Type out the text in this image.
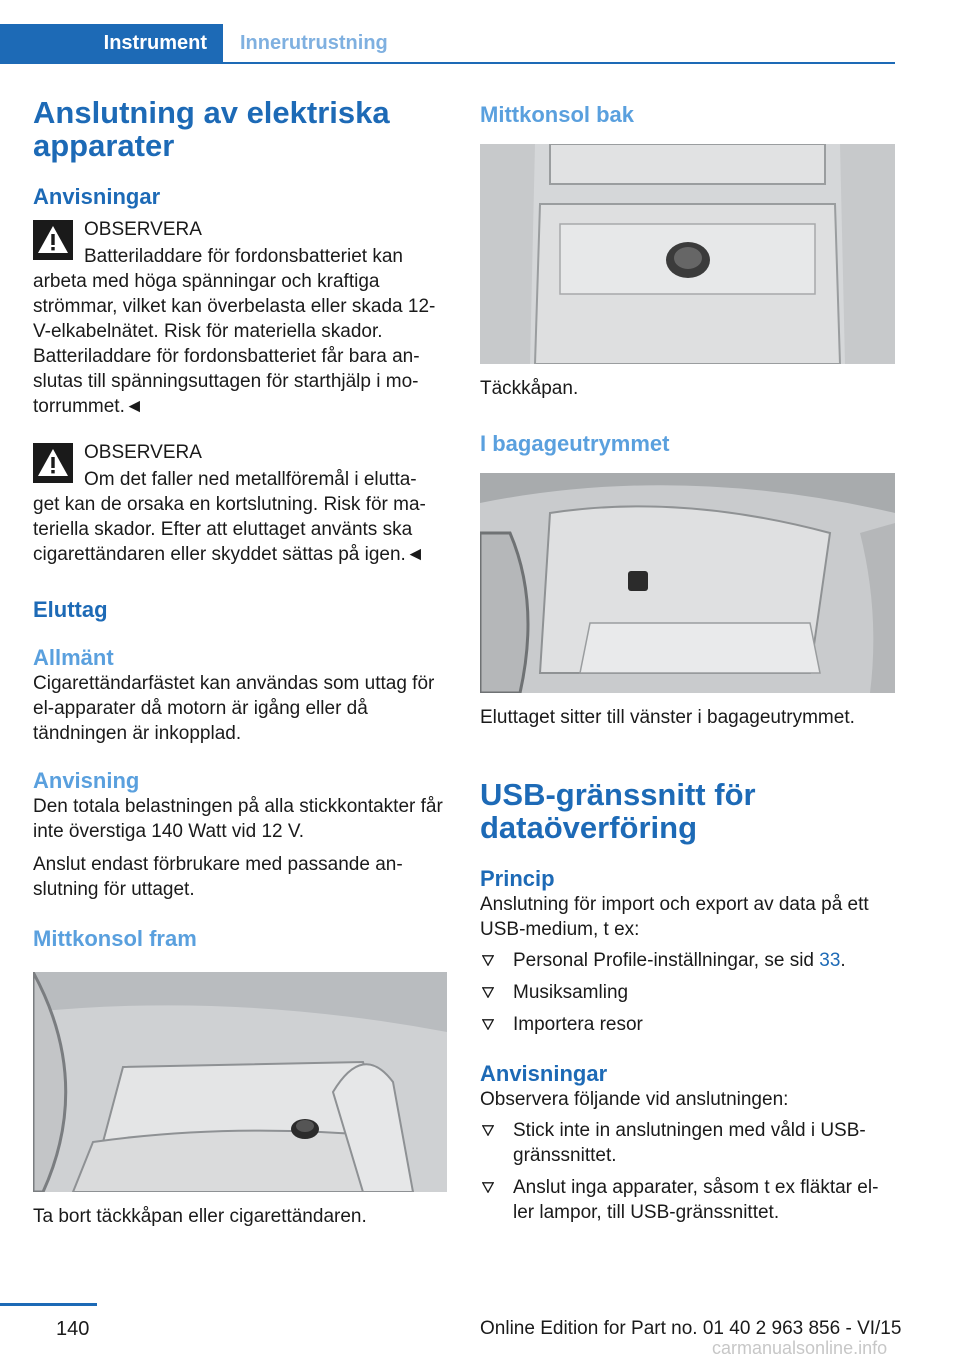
Instrument	Innerutrustning
Anslutning av elektriska apparater
Anvisningar
OBSERVERA
Batteriladdare för fordonsbatteriet kan

arbeta med höga spänningar och kraftiga strömmar, vilket kan överbelasta eller skada 12-V-elkabelnätet. Risk för materiella skador. Batteriladdare för fordonsbatteriet får bara an- slutas till spänningsuttagen för starthjälp i mo- torrummet.◄

OBSERVERA
Om det faller ned metallföremål i elutta-

get kan de orsaka en kortslutning. Risk för ma- teriella skador. Efter att eluttaget använts ska cigarettändaren eller skyddet sättas på igen.◄

Eluttag
Allmänt

Cigarettändarfästet kan användas som uttag för el-apparater då motorn är igång eller då tändningen är inkopplad.

Anvisning

Den totala belastningen på alla stickkontakter får inte överstiga 140 Watt vid 12 V.

Anslut endast förbrukare med passande an- slutning för uttaget.

Mittkonsol fram

Ta bort täckkåpan eller cigarettändaren.

Mittkonsol bak

Täckkåpan.

I bagageutrymmet

Eluttaget sitter till vänster i bagageutrymmet.

USB-gränssnitt för dataöverföring
Princip

Anslutning för import och export av data på ett USB-medium, t ex:

Personal Profile-inställningar, se sid 33.
Musiksamling
Importera resor
Anvisningar

Observera följande vid anslutningen:

Stick inte in anslutningen med våld i USB- gränssnittet.
Anslut inga apparater, såsom t ex fläktar el- ler lampor, till USB-gränssnittet.
140	Online Edition for Part no. 01 40 2 963 856 - VI/15
carmanualsonline.info
